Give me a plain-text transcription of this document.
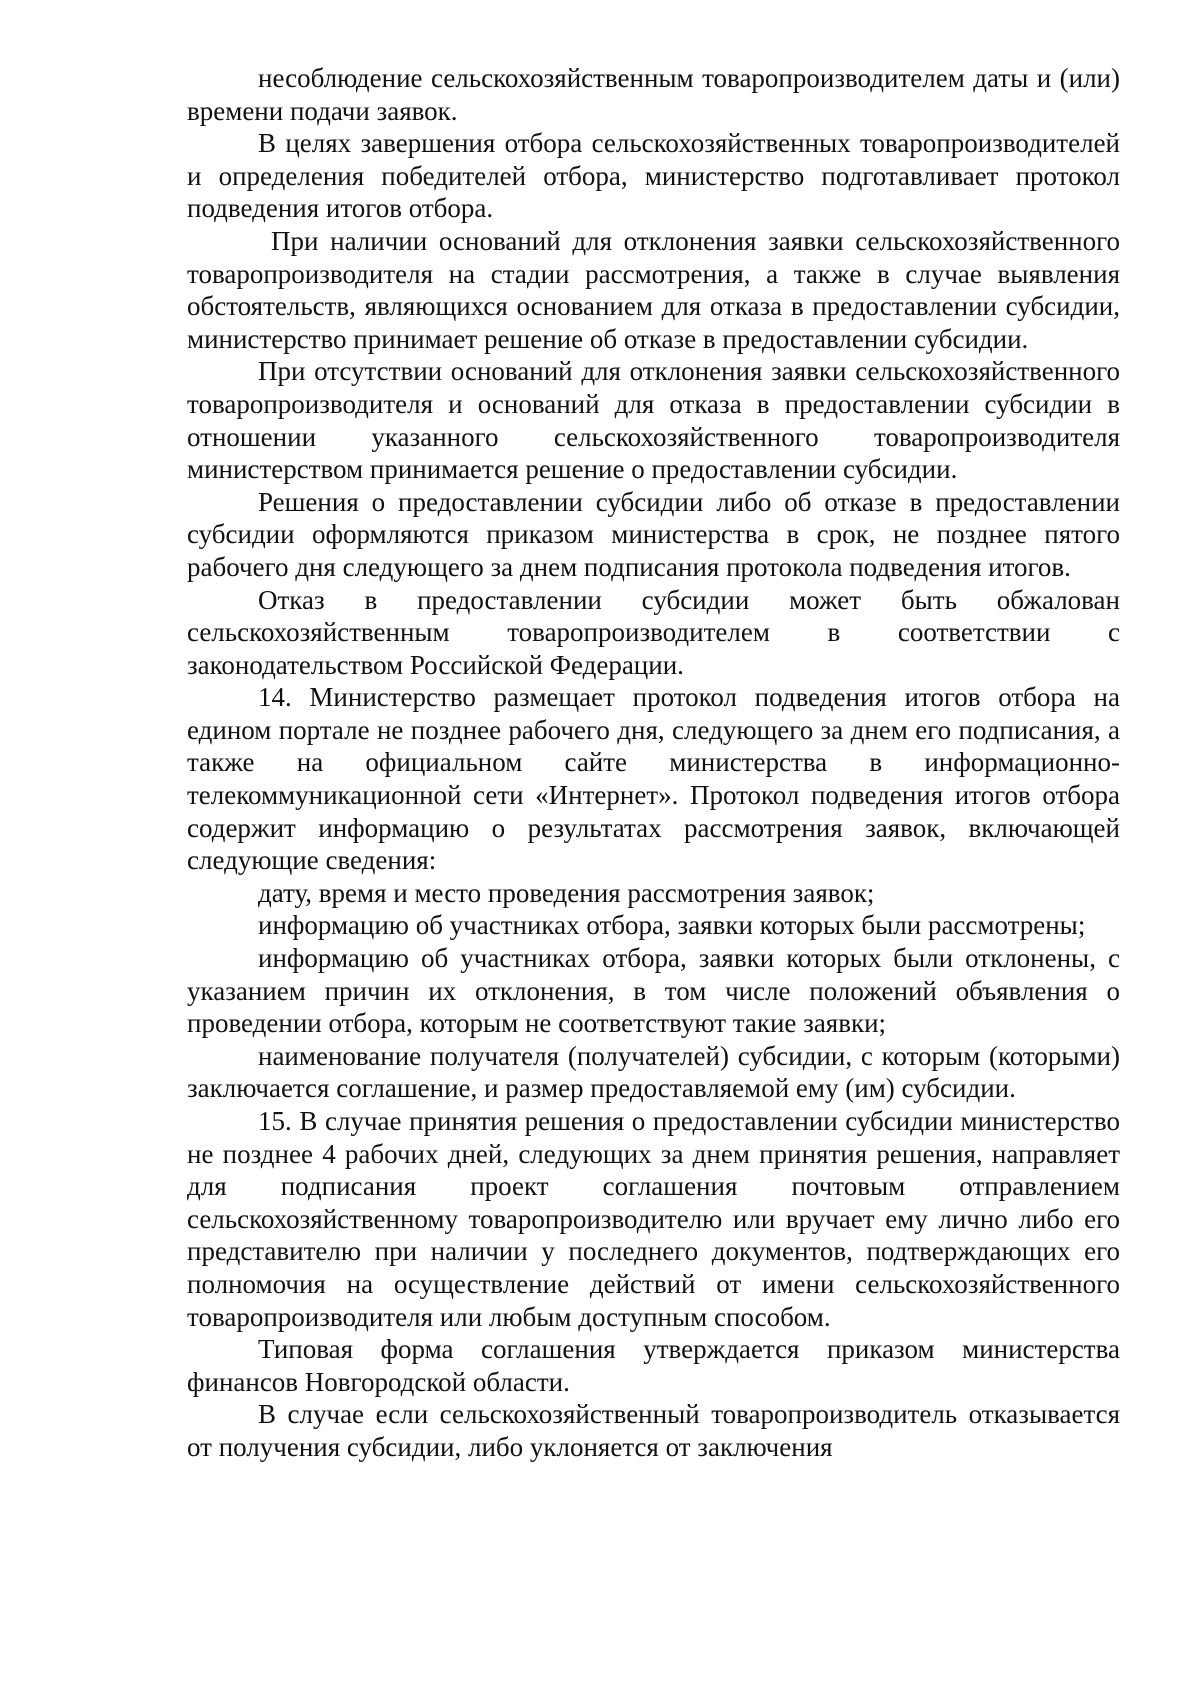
несоблюдение сельскохозяйственным товаропроизводителем даты и (или) времени подачи заявок.

В целях завершения отбора сельскохозяйственных товаропроизводителей и определения победителей отбора, министерство подготавливает протокол подведения итогов отбора.

При наличии оснований для отклонения заявки сельскохозяйственного товаропроизводителя на стадии рассмотрения, а также в случае выявления обстоятельств, являющихся основанием для отказа в предоставлении субсидии, министерство принимает решение об отказе в предоставлении субсидии.

При отсутствии оснований для отклонения заявки сельскохозяйственного товаропроизводителя и оснований для отказа в предоставлении субсидии в отношении указанного сельскохозяйственного товаропроизводителя министерством принимается решение о предоставлении субсидии.

Решения о предоставлении субсидии либо об отказе в предоставлении субсидии оформляются приказом министерства в срок, не позднее пятого рабочего дня следующего за днем подписания протокола подведения итогов.

Отказ в предоставлении субсидии может быть обжалован сельскохозяйственным товаропроизводителем в соответствии с законодательством Российской Федерации.

14. Министерство размещает протокол подведения итогов отбора на едином портале не позднее рабочего дня, следующего за днем его подписания, а также на официальном сайте министерства в информационно-телекоммуникационной сети «Интернет». Протокол подведения итогов отбора содержит информацию о результатах рассмотрения заявок, включающей следующие сведения:

дату, время и место проведения рассмотрения заявок;

информацию об участниках отбора, заявки которых были рассмотрены;

информацию об участниках отбора, заявки которых были отклонены, с указанием причин их отклонения, в том числе положений объявления о проведении отбора, которым не соответствуют такие заявки;

наименование получателя (получателей) субсидии, с которым (которыми) заключается соглашение, и размер предоставляемой ему (им) субсидии.

15. В случае принятия решения о предоставлении субсидии министерство не позднее 4 рабочих дней, следующих за днем принятия решения, направляет для подписания проект соглашения почтовым отправлением сельскохозяйственному товаропроизводителю или вручает ему лично либо его представителю при наличии у последнего документов, подтверждающих его полномочия на осуществление действий от имени сельскохозяйственного товаропроизводителя или любым доступным способом.

Типовая форма соглашения утверждается приказом министерства финансов Новгородской области.

В случае если сельскохозяйственный товаропроизводитель отказывается от получения субсидии, либо уклоняется от заключения
